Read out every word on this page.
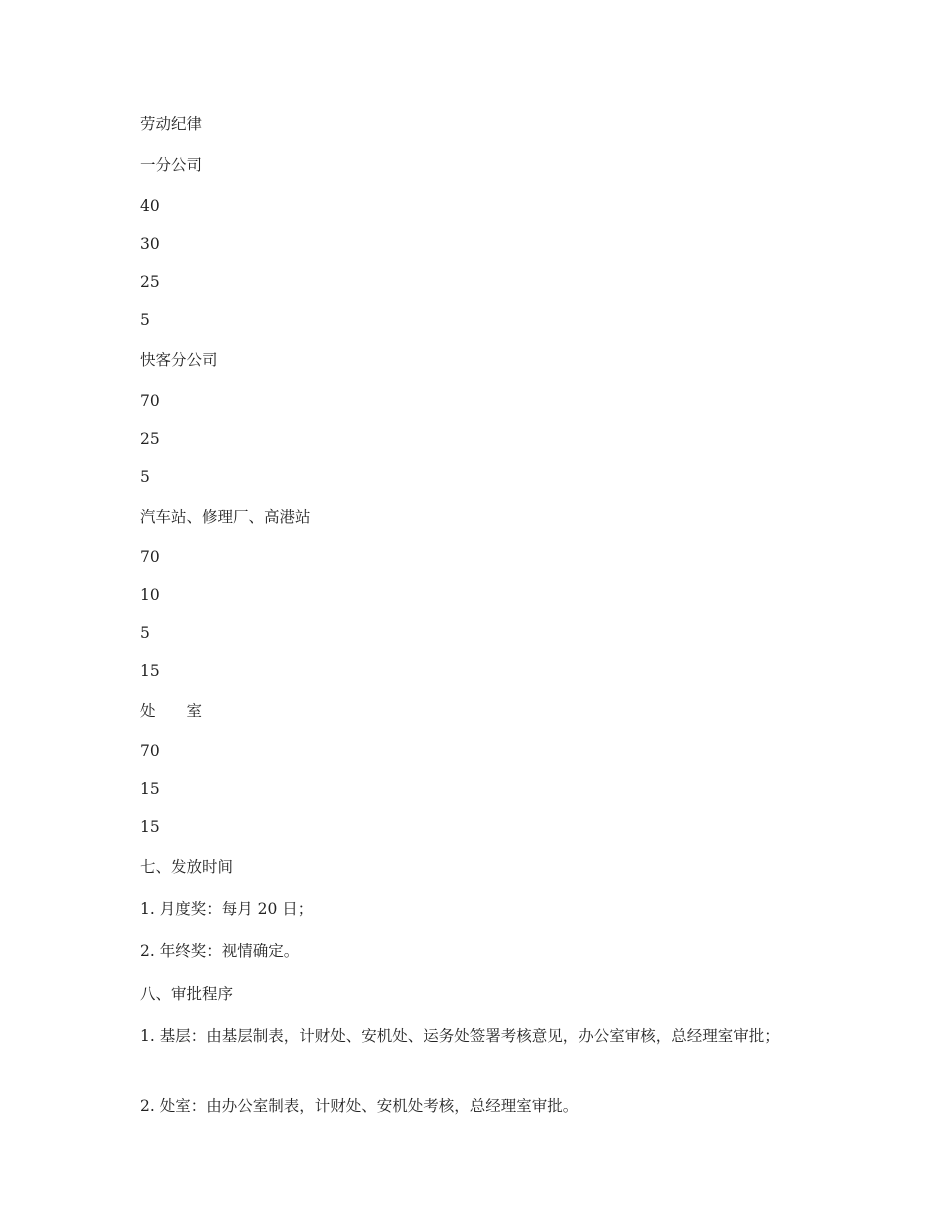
劳动纪律

一分公司

40

30

25

5

快客分公司

70

25

5

汽车站、修理厂、高港站

70

10

5

15

处　　室

70

15

15

七、发放时间

1. 月度奖：每月 20 日；

2. 年终奖：视情确定。

八、审批程序

1. 基层：由基层制表，计财处、安机处、运务处签署考核意见，办公室审核，总经理室审批；

2. 处室：由办公室制表，计财处、安机处考核，总经理室审批。
